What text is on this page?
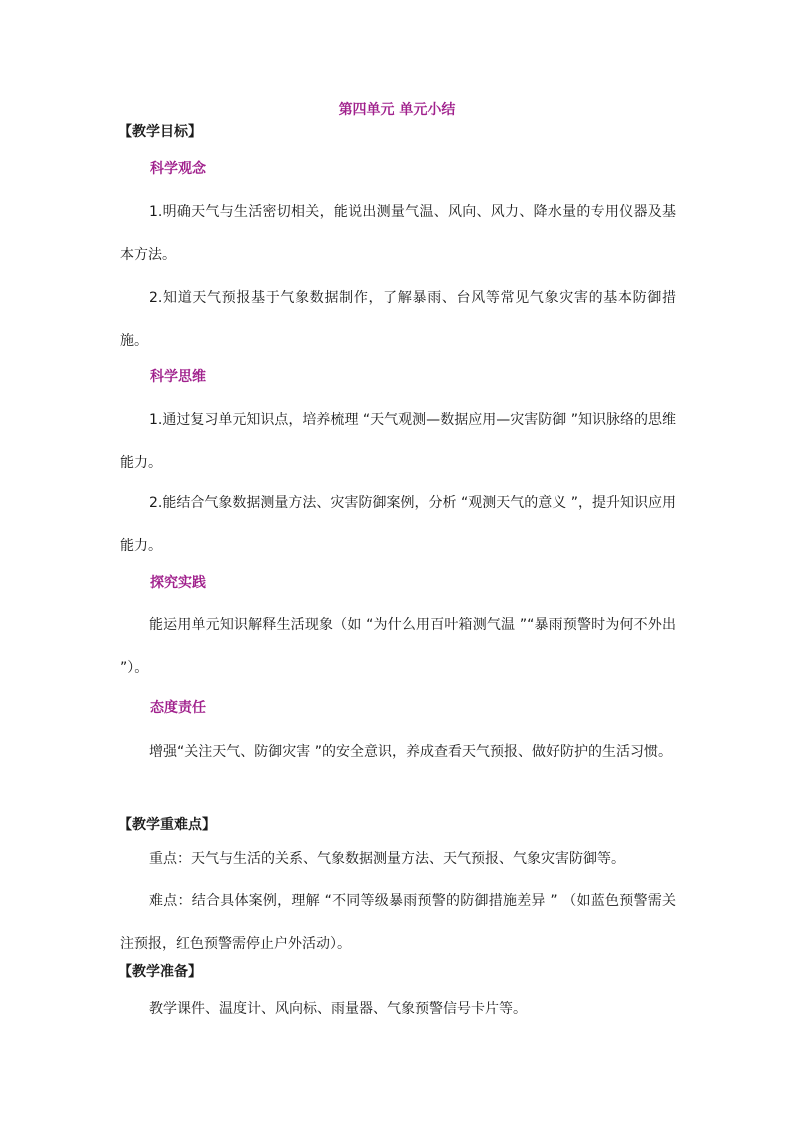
第四单元 单元小结
【教学目标】
科学观念

1.明确天气与生活密切相关，能说出测量气温、风向、风力、降水量的专用仪器及基本方法。

2.知道天气预报基于气象数据制作，了解暴雨、台风等常见气象灾害的基本防御措施。

科学思维

1.通过复习单元知识点，培养梳理 “天气观测—数据应用—灾害防御 ”知识脉络的思维能力。

2.能结合气象数据测量方法、灾害防御案例，分析 “观测天气的意义 ”，提升知识应用能力。

探究实践

能运用单元知识解释生活现象（如 “为什么用百叶箱测气温 ”“暴雨预警时为何不外出 ”）。

态度责任

增强“关注天气、防御灾害 ”的安全意识，养成查看天气预报、做好防护的生活习惯。

【教学重难点】

重点：天气与生活的关系、气象数据测量方法、天气预报、气象灾害防御等。

难点：结合具体案例，理解 “不同等级暴雨预警的防御措施差异 ” （如蓝色预警需关注预报，红色预警需停止户外活动）。

【教学准备】

教学课件、温度计、风向标、雨量器、气象预警信号卡片等。
